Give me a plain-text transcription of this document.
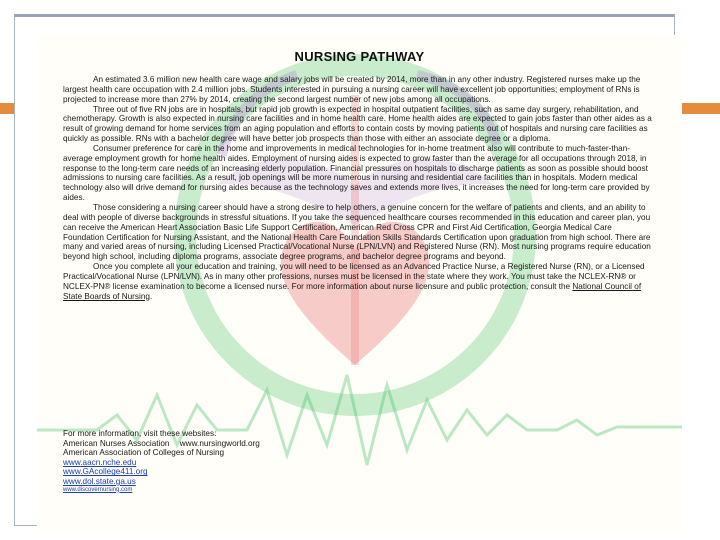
NURSING PATHWAY

An estimated 3.6 million new health care wage and salary jobs will be created by 2014, more than in any other industry. Registered nurses make up the largest health care occupation with 2.4 million jobs. Students interested in pursuing a nursing career will have excellent job opportunities; employment of RNs is projected to increase more than 27% by 2014, creating the second largest number of new jobs among all occupations.

Three out of five RN jobs are in hospitals, but rapid job growth is expected in hospital outpatient facilities, such as same day surgery, rehabilitation, and chemotherapy. Growth is also expected in nursing care facilities and in home health care. Home health aides are expected to gain jobs faster than other aides as a result of growing demand for home services from an aging population and efforts to contain costs by moving patients out of hospitals and nursing care facilities as quickly as possible. RNs with a bachelor degree will have better job prospects than those with either an associate degree or a diploma.

Consumer preference for care in the home and improvements in medical technologies for in-home treatment also will contribute to much-faster-than-average employment growth for home health aides. Employment of nursing aides is expected to grow faster than the average for all occupations through 2018, in response to the long-term care needs of an increasing elderly population. Financial pressures on hospitals to discharge patients as soon as possible should boost admissions to nursing care facilities. As a result, job openings will be more numerous in nursing and residential care facilities than in hospitals. Modern medical technology also will drive demand for nursing aides because as the technology saves and extends more lives, it increases the need for long-term care provided by aides.

Those considering a nursing career should have a strong desire to help others, a genuine concern for the welfare of patients and clients, and an ability to deal with people of diverse backgrounds in stressful situations. If you take the sequenced healthcare courses recommended in this education and career plan, you can receive the American Heart Association Basic Life Support Certification, American Red Cross CPR and First Aid Certification, Georgia Medical Care Foundation Certification for Nursing Assistant, and the National Health Care Foundation Skills Standards Certification upon graduation from high school. There are many and varied areas of nursing, including Licensed Practical/Vocational Nurse (LPN/LVN) and Registered Nurse (RN). Most nursing programs require education beyond high school, including diploma programs, associate degree programs, and bachelor degree programs and beyond.

Once you complete all your education and training, you will need to be licensed as an Advanced Practice Nurse, a Registered Nurse (RN), or a Licensed Practical/Vocational Nurse (LPN/LVN). As in many other professions, nurses must be licensed in the state where they work. You must take the NCLEX-RN® or NCLEX-PN® license examination to become a licensed nurse. For more information about nurse licensure and public protection, consult the National Council of State Boards of Nursing.

For more information, visit these websites:
American Nurses Association www.nursingworld.org
American Association of Colleges of Nursing
www.aacn.nche.edu
www.GAcollege411.org
www.dol.state.ga.us
www.discovernursing.com
